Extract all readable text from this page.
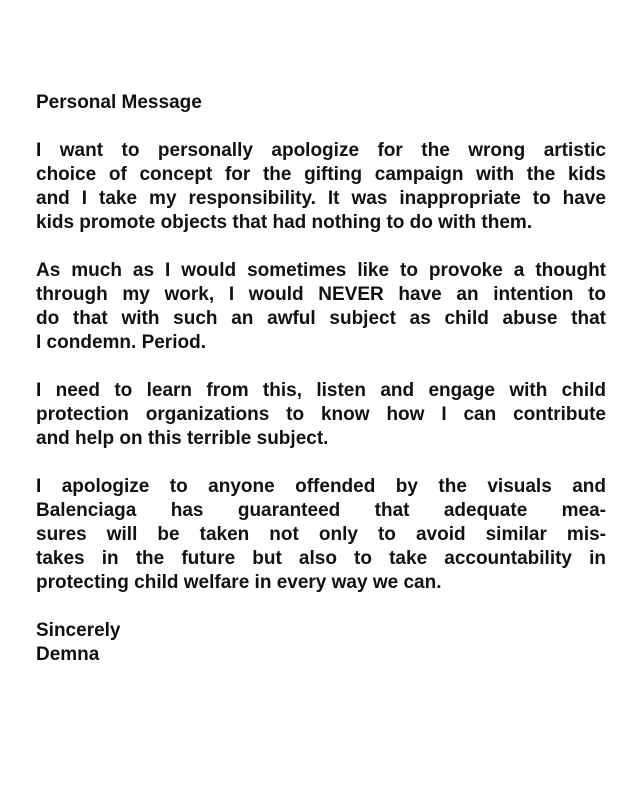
Personal Message
I want to personally apologize for the wrong artistic
choice of concept for the gifting campaign with the kids
and I take my responsibility. It was inappropriate to have
kids promote objects that had nothing to do with them.
As much as I would sometimes like to provoke a thought
through my work, I would NEVER have an intention to
do that with such an awful subject as child abuse that
I condemn. Period.
I need to learn from this, listen and engage with child
protection organizations to know how I can contribute
and help on this terrible subject.
I apologize to anyone offended by the visuals and
Balenciaga has guaranteed that adequate mea-
sures will be taken not only to avoid similar mis-
takes in the future but also to take accountability in
protecting child welfare in every way we can.
Sincerely
Demna
